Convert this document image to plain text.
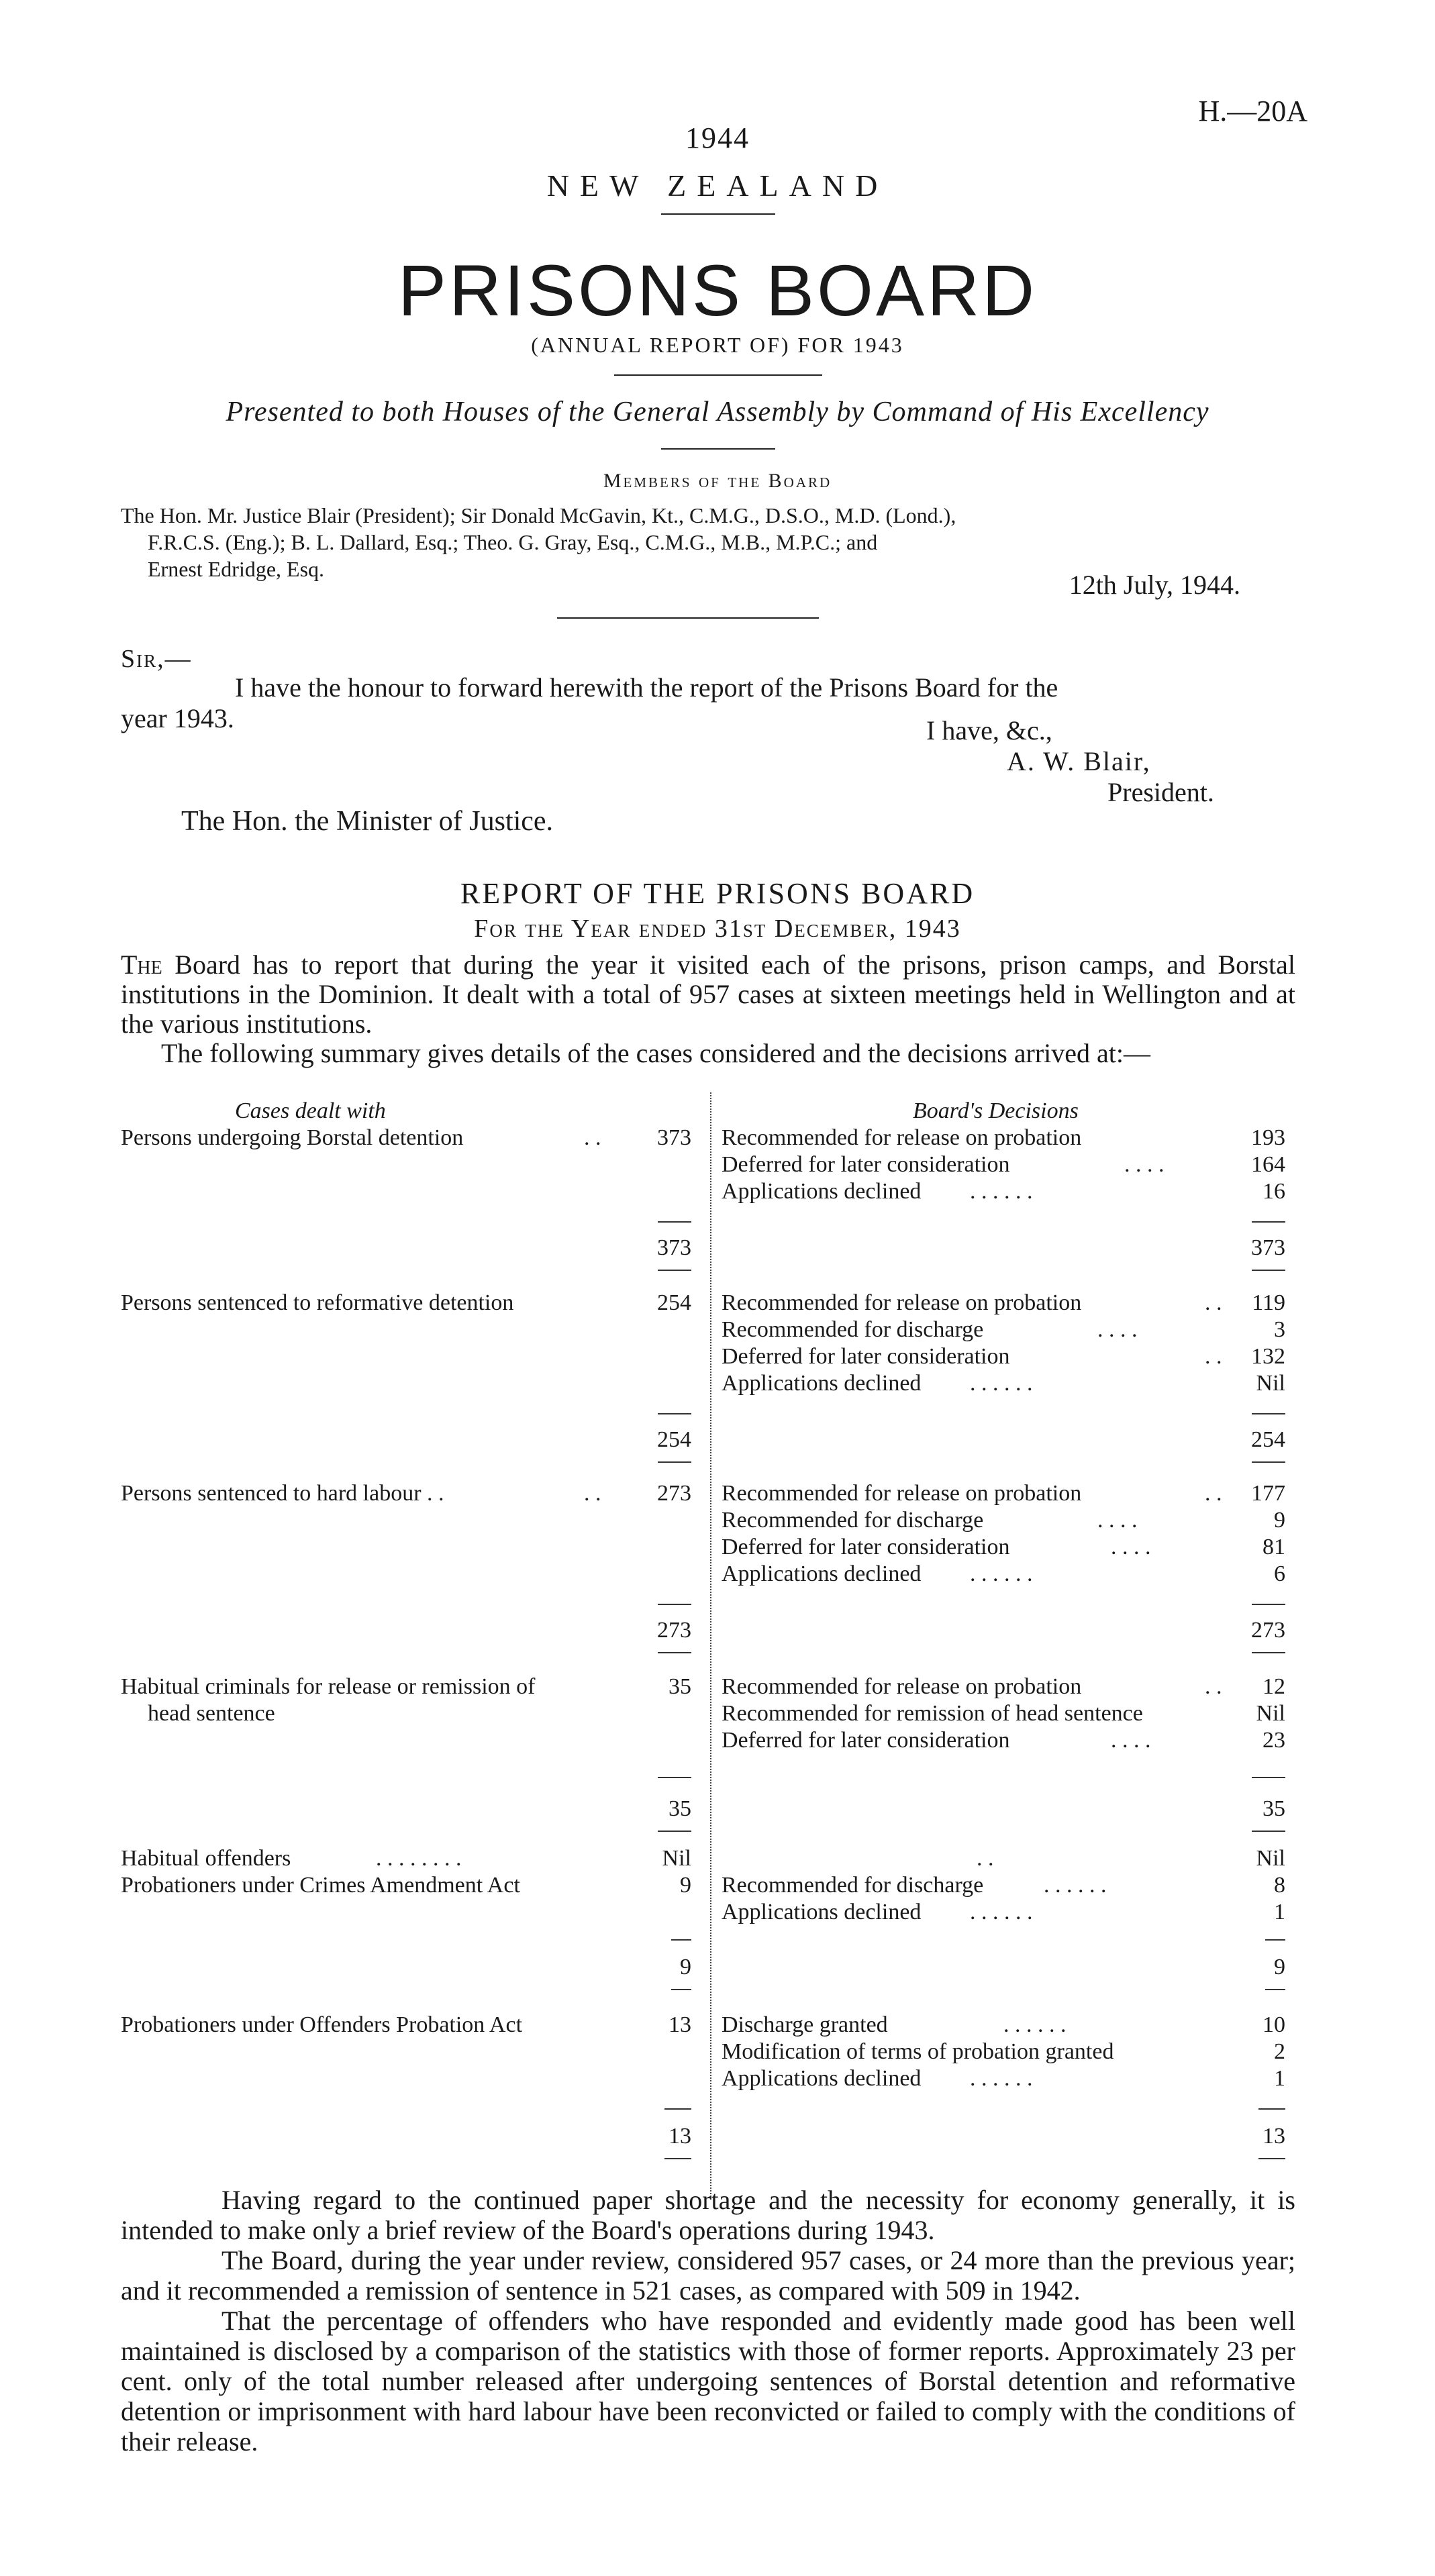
H.—20A
1944
NEW ZEALAND
PRISONS BOARD
(ANNUAL REPORT OF) FOR 1943
Presented to both Houses of the General Assembly by Command of His Excellency
Members of the Board
The Hon. Mr. Justice Blair (President); Sir Donald McGavin, Kt., C.M.G., D.S.O., M.D. (Lond.),
F.R.C.S. (Eng.); B. L. Dallard, Esq.; Theo. G. Gray, Esq., C.M.G., M.B., M.P.C.; and
Ernest Edridge, Esq.
12th July, 1944.
Sir,—
I have the honour to forward herewith the report of the Prisons Board for the
year 1943.	I have, &c.,
A. W. Blair,
President.
The Hon. the Minister of Justice.
REPORT OF THE PRISONS BOARD
For the Year ended 31st December, 1943
The Board has to report that during the year it visited each of the prisons, prison camps, and Borstal institutions in the Dominion. It dealt with a total of 957 cases at sixteen meetings held in Wellington and at the various institutions.
The following summary gives details of the cases considered and the decisions arrived at:—
Cases dealt with	Board's Decisions
Persons undergoing Borstal detention	. .	373 Recommended for release on probation	193
Deferred for later consideration	. . . .	164
Applications declined . . . . . .	16
373	373
Persons sentenced to reformative detention	254 Recommended for release on probation	. .	119
Recommended for discharge	. . . .	3
Deferred for later consideration	. .	132
Applications declined . . . . . .	Nil
254	254
Persons sentenced to hard labour . .	. .	273 Recommended for release on probation	. .	177
Recommended for discharge	. . . .	9
Deferred for later consideration	. . . .	81
Applications declined . . . . . .	6
273	273
Habitual criminals for release or remission of	35
head sentence
Recommended for release on probation	. .	12
Recommended for remission of head sentence	Nil
Deferred for later consideration	. . . .	23
35	35
Habitual offenders	. . . . . . . .	Nil	. .	Nil
Probationers under Crimes Amendment Act	9 Recommended for discharge	. . . . . .	8
Applications declined . . . . . .	1
9	9
Probationers under Offenders Probation Act	13 Discharge granted	. . . . . .	10
Modification of terms of probation granted	2
Applications declined . . . . . .	1
13	13
Having regard to the continued paper shortage and the necessity for economy generally, it is intended to make only a brief review of the Board's operations during 1943.
The Board, during the year under review, considered 957 cases, or 24 more than the previous year; and it recommended a remission of sentence in 521 cases, as compared with 509 in 1942.
That the percentage of offenders who have responded and evidently made good has been well maintained is disclosed by a comparison of the statistics with those of former reports. Approximately 23 per cent. only of the total number released after undergoing sentences of Borstal detention and reformative detention or imprisonment with hard labour have been reconvicted or failed to comply with the conditions of their release.
